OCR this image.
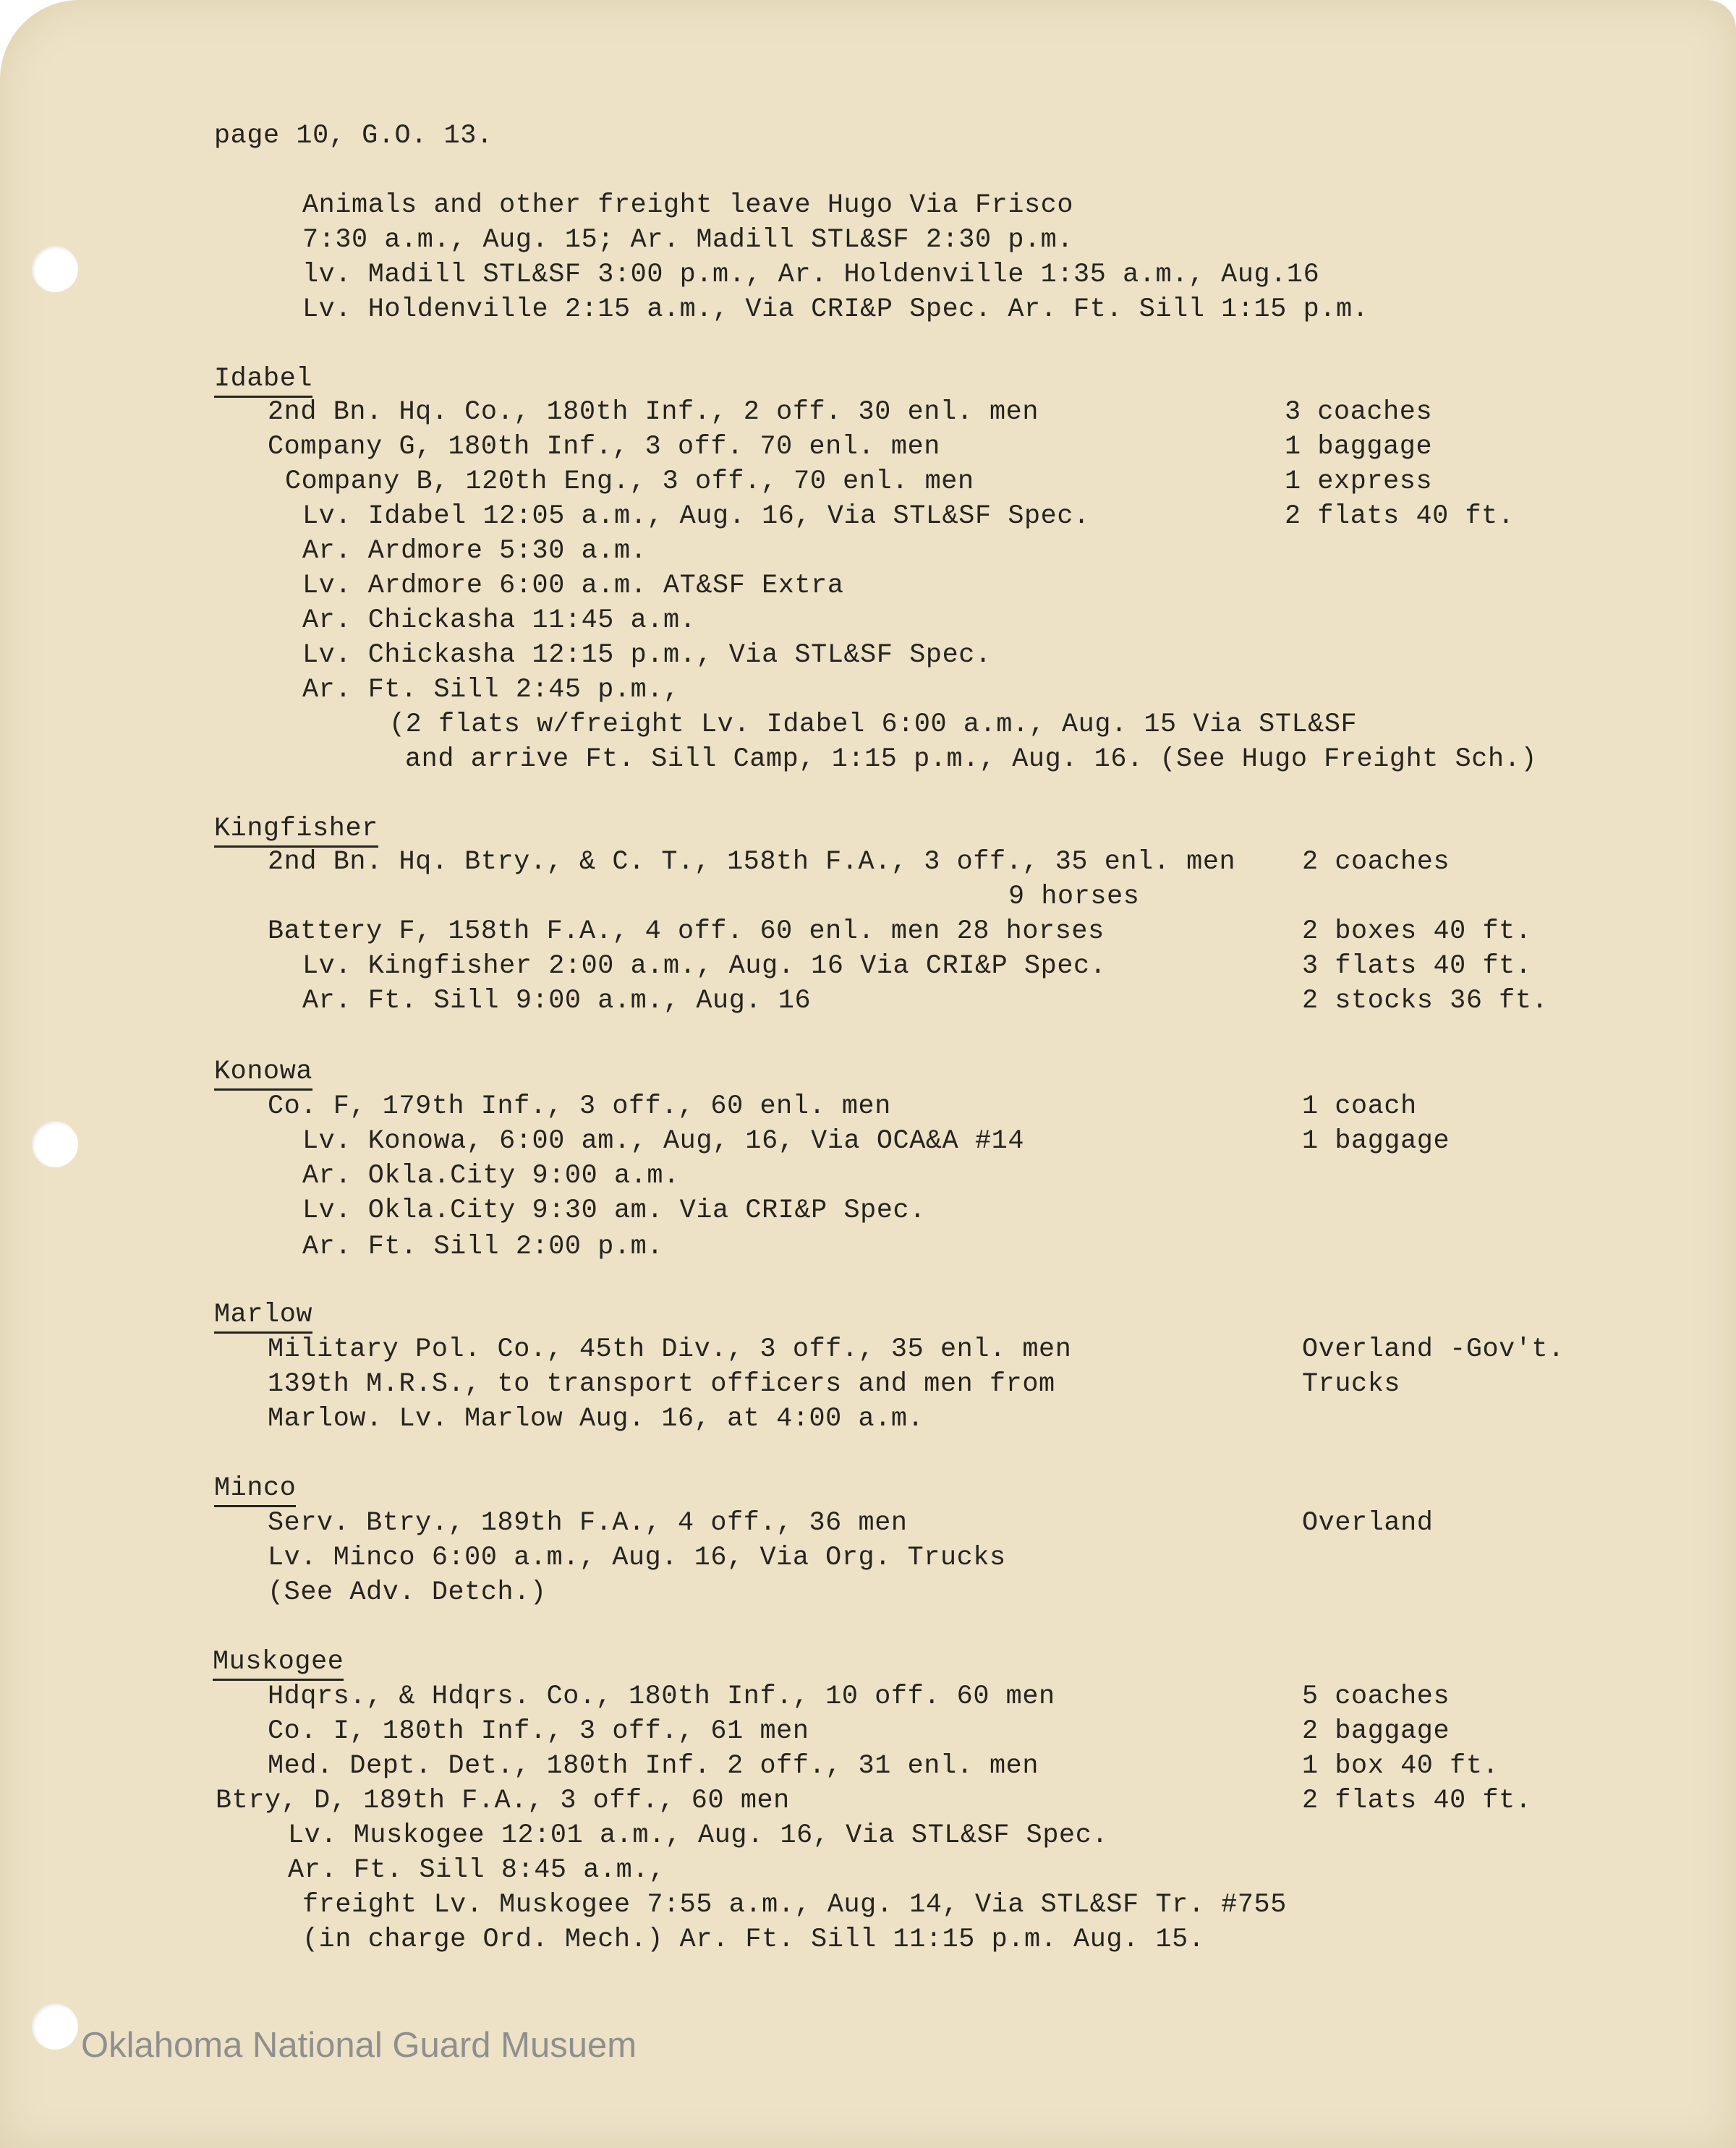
page 10, G.O. 13.
Animals and other freight leave Hugo Via Frisco
7:30 a.m., Aug. 15; Ar. Madill STL&SF 2:30 p.m.
lv. Madill STL&SF 3:00 p.m., Ar. Holdenville 1:35 a.m., Aug.16
Lv. Holdenville 2:15 a.m., Via CRI&P Spec. Ar. Ft. Sill 1:15 p.m.
Idabel
2nd Bn. Hq. Co., 180th Inf., 2 off. 30 enl. men	3 coaches
Company G, 180th Inf., 3 off. 70 enl. men	1 baggage
Company B, 120th Eng., 3 off., 70 enl. men	1 express
Lv. Idabel 12:05 a.m., Aug. 16, Via STL&SF Spec.	2 flats 40 ft.
Ar. Ardmore 5:30 a.m.
Lv. Ardmore 6:00 a.m. AT&SF Extra
Ar. Chickasha 11:45 a.m.
Lv. Chickasha 12:15 p.m., Via STL&SF Spec.
Ar. Ft. Sill 2:45 p.m.,
(2 flats w/freight Lv. Idabel 6:00 a.m., Aug. 15 Via STL&SF
and arrive Ft. Sill Camp, 1:15 p.m., Aug. 16. (See Hugo Freight Sch.)
Kingfisher
2nd Bn. Hq. Btry., & C. T., 158th F.A., 3 off., 35 enl. men 2 coaches
9 horses
Battery F, 158th F.A., 4 off. 60 enl. men 28 horses	2 boxes 40 ft.
Lv. Kingfisher 2:00 a.m., Aug. 16 Via CRI&P Spec.	3 flats 40 ft.
Ar. Ft. Sill 9:00 a.m., Aug. 16	2 stocks 36 ft.
Konowa
Co. F, 179th Inf., 3 off., 60 enl. men	1 coach
Lv. Konowa, 6:00 am., Aug, 16, Via OCA&A #14	1 baggage
Ar. Okla.City 9:00 a.m.
Lv. Okla.City 9:30 am. Via CRI&P Spec.
Ar. Ft. Sill 2:00 p.m.
Marlow
Military Pol. Co., 45th Div., 3 off., 35 enl. men	Overland -Gov't.
139th M.R.S., to transport officers and men from	Trucks
Marlow. Lv. Marlow Aug. 16, at 4:00 a.m.
Minco
Serv. Btry., 189th F.A., 4 off., 36 men	Overland
Lv. Minco 6:00 a.m., Aug. 16, Via Org. Trucks
(See Adv. Detch.)
Muskogee
Hdqrs., & Hdqrs. Co., 180th Inf., 10 off. 60 men	5 coaches
Co. I, 180th Inf., 3 off., 61 men	2 baggage
Med. Dept. Det., 180th Inf. 2 off., 31 enl. men	1 box 40 ft.
Btry, D, 189th F.A., 3 off., 60 men	2 flats 40 ft.
Lv. Muskogee 12:01 a.m., Aug. 16, Via STL&SF Spec.
Ar. Ft. Sill 8:45 a.m.,
freight Lv. Muskogee 7:55 a.m., Aug. 14, Via STL&SF Tr. #755
(in charge Ord. Mech.) Ar. Ft. Sill 11:15 p.m. Aug. 15.
Oklahoma National Guard Musuem
